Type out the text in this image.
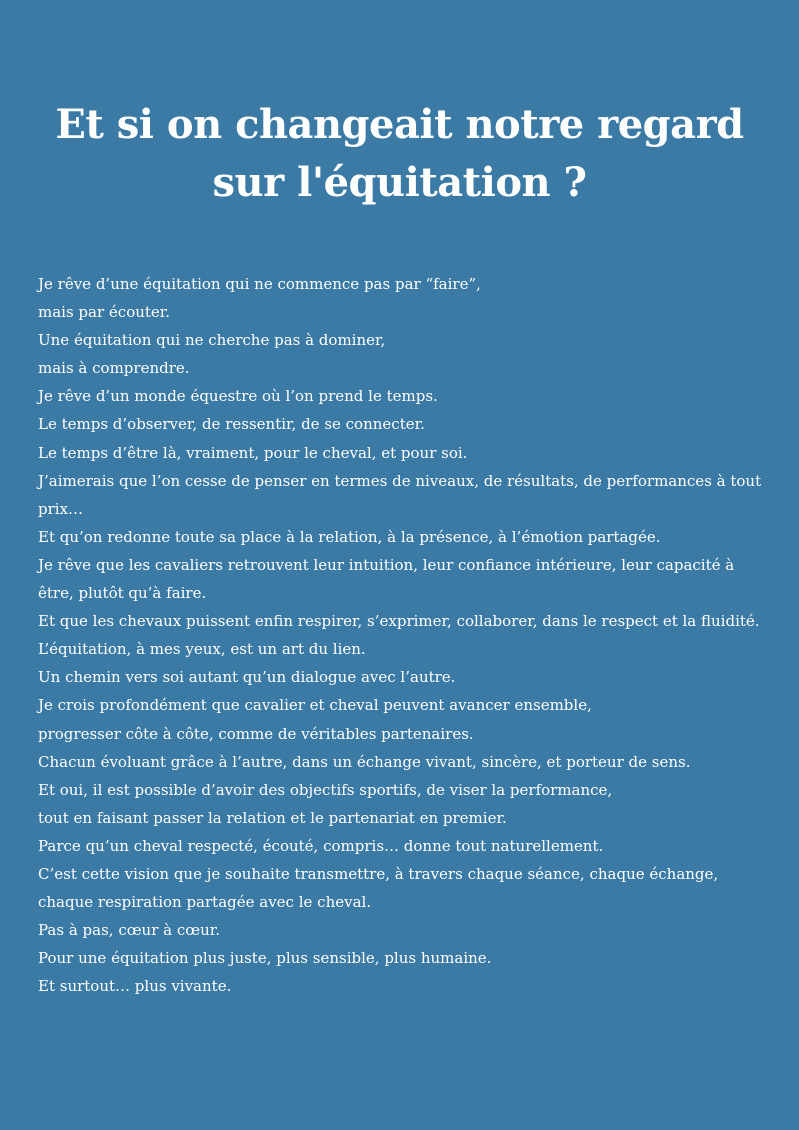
Et si on changeait notre regard sur l'équitation ?
Je rêve d’une équitation qui ne commence pas par “faire”,
mais par écouter.
Une équitation qui ne cherche pas à dominer,
mais à comprendre.
Je rêve d’un monde équestre où l’on prend le temps.
Le temps d’observer, de ressentir, de se connecter.
Le temps d’être là, vraiment, pour le cheval, et pour soi.
J’aimerais que l’on cesse de penser en termes de niveaux, de résultats, de performances à tout prix…
Et qu’on redonne toute sa place à la relation, à la présence, à l’émotion partagée.
Je rêve que les cavaliers retrouvent leur intuition, leur confiance intérieure, leur capacité à être, plutôt qu’à faire.
Et que les chevaux puissent enfin respirer, s’exprimer, collaborer, dans le respect et la fluidité.
L’équitation, à mes yeux, est un art du lien.
Un chemin vers soi autant qu’un dialogue avec l’autre.
Je crois profondément que cavalier et cheval peuvent avancer ensemble,
progresser côte à côte, comme de véritables partenaires.
Chacun évoluant grâce à l’autre, dans un échange vivant, sincère, et porteur de sens.
Et oui, il est possible d’avoir des objectifs sportifs, de viser la performance,
tout en faisant passer la relation et le partenariat en premier.
Parce qu’un cheval respecté, écouté, compris… donne tout naturellement.
C’est cette vision que je souhaite transmettre, à travers chaque séance, chaque échange, chaque respiration partagée avec le cheval.
Pas à pas, cœur à cœur.
Pour une équitation plus juste, plus sensible, plus humaine.
Et surtout… plus vivante.
